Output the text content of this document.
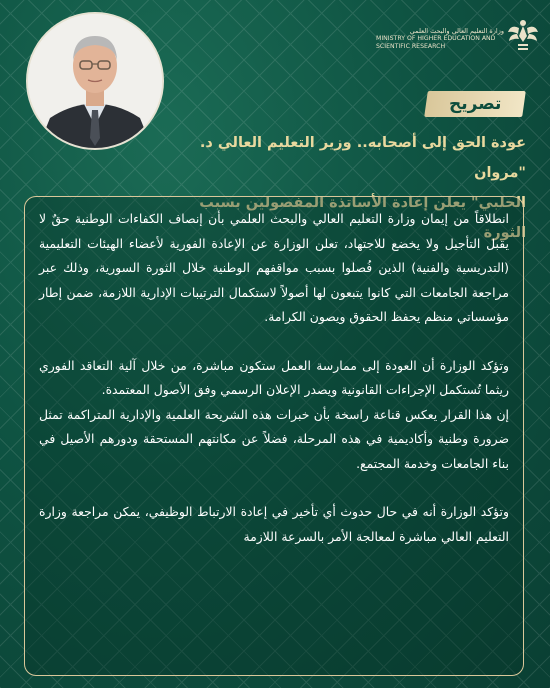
وزارة التعليم العالي والبحث العلمي
MINISTRY OF HIGHER EDUCATION AND
SCIENTIFIC RESEARCH
تصريح
عودة الحق إلى أصحابه.. وزير التعليم العالي د. "مروان
الحلبي" يعلن إعادة الأساتذة المفصولين بسبب الثورة

انطلاقاً من إيمان وزارة التعليم العالي والبحث العلمي بأن إنصاف الكفاءات الوطنية حقٌ لا يقبل التأجيل ولا يخضع للاجتهاد، تعلن الوزارة عن الإعادة الفورية لأعضاء الهيئات التعليمية (التدريسية والفنية) الذين فُصلوا بسبب مواقفهم الوطنية خلال الثورة السورية، وذلك عبر مراجعة الجامعات التي كانوا يتبعون لها أصولاً لاستكمال الترتيبات الإدارية اللازمة، ضمن إطار مؤسساتي منظم يحفظ الحقوق ويصون الكرامة.

وتؤكد الوزارة أن العودة إلى ممارسة العمل ستكون مباشرة، من خلال آلية التعاقد الفوري ريثما تُستكمل الإجراءات القانونية ويصدر الإعلان الرسمي وفق الأصول المعتمدة.

إن هذا القرار يعكس قناعة راسخة بأن خبرات هذه الشريحة العلمية والإدارية المتراكمة تمثل ضرورة وطنية وأكاديمية في هذه المرحلة، فضلاً عن مكانتهم المستحقة ودورهم الأصيل في بناء الجامعات وخدمة المجتمع.

وتؤكد الوزارة أنه في حال حدوث أي تأخير في إعادة الارتباط الوظيفي، يمكن مراجعة وزارة التعليم العالي مباشرة لمعالجة الأمر بالسرعة اللازمة
